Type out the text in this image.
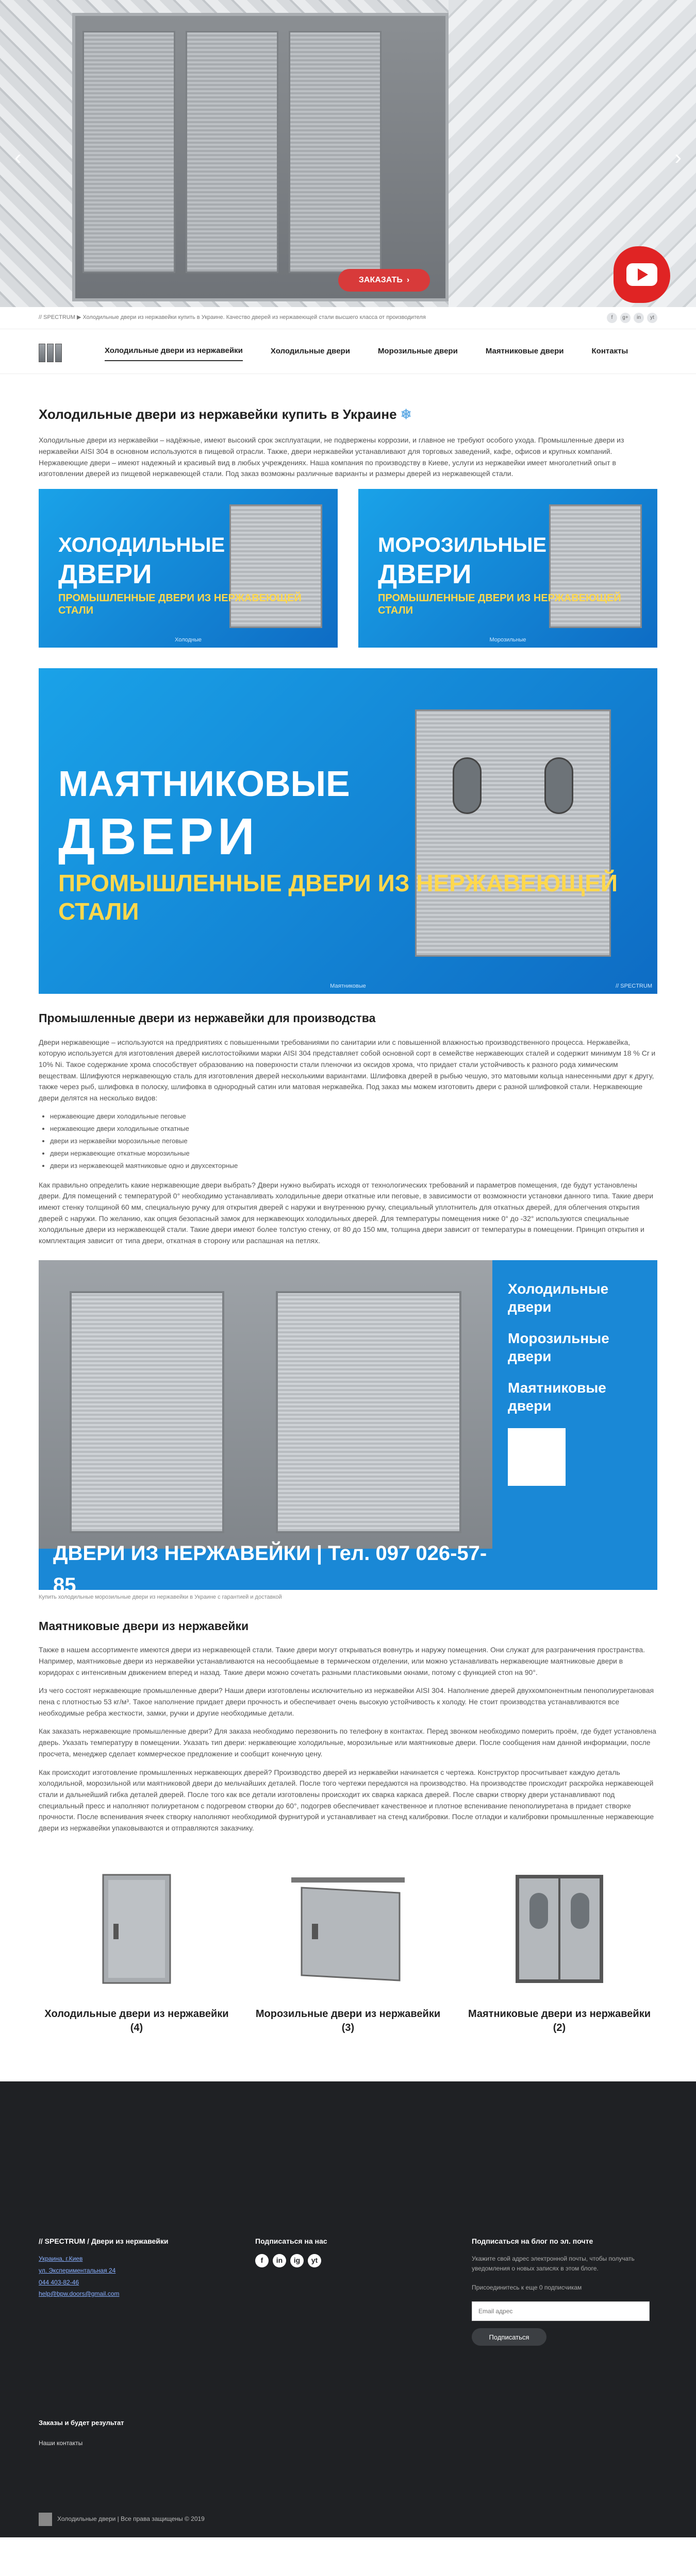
‹	›
ЗАКАЗАТЬ ›
// SPECTRUM ▶ Холодильные двери из нержавейки купить в Украине. Качество дверей из нержавеющей стали высшего класса от производителя	f	g+	in	yt
Холодильные двери из нержавейки	Холодильные двери	Морозильные двери	Маятниковые двери	Контакты
Холодильные двери из нержавейки купить в Украине ❄

Холодильные двери из нержавейки – надёжные, имеют высокий срок эксплуатации, не подвержены коррозии, и главное не требуют особого ухода. Промышленные двери из нержавейки AISI 304 в основном используются в пищевой отрасли. Также, двери нержавейки устанавливают для торговых заведений, кафе, офисов и крупных компаний. Нержавеющие двери – имеют надежный и красивый вид в любых учреждениях. Наша компания по производству в Киеве, услуги из нержавейки имеет многолетний опыт в изготовлении дверей из пищевой нержавеющей стали. Под заказ возможны различные варианты и размеры дверей из нержавеющей стали.

ХОЛОДИЛЬНЫЕ
ДВЕРИ
ПРОМЫШЛЕННЫЕ ДВЕРИ ИЗ НЕРЖАВЕЮЩЕЙ СТАЛИ
Холодные
МОРОЗИЛЬНЫЕ
ДВЕРИ
ПРОМЫШЛЕННЫЕ ДВЕРИ ИЗ НЕРЖАВЕЮЩЕЙ СТАЛИ
Морозильные
МАЯТНИКОВЫЕ
ДВЕРИ
ПРОМЫШЛЕННЫЕ ДВЕРИ ИЗ НЕРЖАВЕЮЩЕЙ СТАЛИ
Маятниковые	// SPECTRUM
Промышленные двери из нержавейки для производства

Двери нержавеющие – используются на предприятиях с повышенными требованиями по санитарии или с повышенной влажностью производственного процесса. Нержавейка, которую используется для изготовления дверей кислотостойкими марки AISI 304 представляет собой основной сорт в семействе нержавеющих сталей и содержит минимум 18 % Cr и 10% Ni. Такое содержание хрома способствует образованию на поверхности стали пленочки из оксидов хрома, что придает стали устойчивость к разного рода химическим веществам. Шлифуются нержавеющую сталь для изготовления дверей несколькими вариантами. Шлифовка дверей в рыбью чешую, это матовыми кольца нанесенными друг к другу, также через рыб, шлифовка в полоску, шлифовка в однородный сатин или матовая нержавейка. Под заказ мы можем изготовить двери с разной шлифовкой стали. Нержавеющие двери делятся на несколько видов:

• нержавеющие двери холодильные пеговые
• нержавеющие двери холодильные откатные
• двери из нержавейки морозильные пеговые
• двери нержавеющие откатные морозильные
• двери из нержавеющей маятниковые одно и двухсекторные

Как правильно определить какие нержавеющие двери выбрать? Двери нужно выбирать исходя от технологических требований и параметров помещения, где будут установлены двери. Для помещений с температурой 0° необходимо устанавливать холодильные двери откатные или пеговые, в зависимости от возможности установки данного типа. Такие двери имеют стенку толщиной 60 мм, специальную ручку для открытия дверей с наружи и внутреннюю ручку, специальный уплотнитель для откатных дверей, для облегчения открытия дверей с наружи. По желанию, как опция безопасный замок для нержавеющих холодильных дверей. Для температуры помещения ниже 0° до -32° используются специальные холодильные двери из нержавеющей стали. Такие двери имеют более толстую стенку, от 80 до 150 мм, толщина двери зависит от температуры в помещении. Принцип открытия и комплектация зависит от типа двери, откатная в сторону или распашная на петлях.

ДВЕРИ ИЗ НЕРЖАВЕЙКИ | Тел. 097 026-57-85
Холодильные двери
Морозильные двери
Маятниковые двери
Купить холодильные морозильные двери из нержавейки в Украине с гарантией и доставкой
Маятниковые двери из нержавейки

Также в нашем ассортименте имеются двери из нержавеющей стали. Такие двери могут открываться вовнутрь и наружу помещения. Они служат для разграничения пространства. Например, маятниковые двери из нержавейки устанавливаются на несообщаемые в термическом отделении, или можно устанавливать нержавеющие маятниковые двери в коридорах с интенсивным движением вперед и назад. Такие двери можно сочетать разными пластиковыми окнами, потому с функцией стоп на 90°.

Из чего состоят нержавеющие промышленные двери? Наши двери изготовлены исключительно из нержавейки AISI 304. Наполнение дверей двухкомпонентным пенополиуретановая пена с плотностью 53 кг/м³. Такое наполнение придает двери прочность и обеспечивает очень высокую устойчивость к холоду. Не стоит производства устанавливаются все необходимые ребра жесткости, замки, ручки и другие необходимые детали.

Как заказать нержавеющие промышленные двери? Для заказа необходимо перезвонить по телефону в контактах. Перед звонком необходимо померить проём, где будет установлена дверь. Указать температуру в помещении. Указать тип двери: нержавеющие холодильные, морозильные или маятниковые двери. После сообщения нам данной информации, после просчета, менеджер сделает коммерческое предложение и сообщит конечную цену.

Как происходит изготовление промышленных нержавеющих дверей? Производство дверей из нержавейки начинается с чертежа. Конструктор просчитывает каждую деталь холодильной, морозильной или маятниковой двери до мельчайших деталей. После того чертежи передаются на производство. На производстве происходит раскройка нержавеющей стали и дальнейший гибка деталей дверей. После того как все детали изготовлены происходит их сварка каркаса дверей. После сварки створку двери устанавливают под специальный пресс и наполняют полиуретаном с подогревом створки до 60°, подогрев обеспечивает качественное и плотное вспенивание пенополиуретана в придает створке прочности. После вспенивания ячеек створку наполняют необходимой фурнитурой и устанавливает на стенд калибровки. После отладки и калибровки промышленные нержавеющие двери из нержавейки упаковываются и отправляются заказчику.

Холодильные двери из нержавейки (4)
Морозильные двери из нержавейки (3)
Маятниковые двери из нержавейки (2)
// SPECTRUM / Двери из нержавейки
Украина, г.Киев
ул. Экспериментальная 24
044 403-82-46
help@bpw.doors@gmail.com
Подписаться на нас
f	in	ig	yt
Подписаться на блог по эл. почте
Укажите свой адрес электронной почты, чтобы получать уведомления о новых записях в этом блоге.
Присоединитесь к еще 0 подписчикам
Email адрес
Подписаться
Заказы и будет результат
Наши контакты
Холодильные двери | Все права защищены © 2019
